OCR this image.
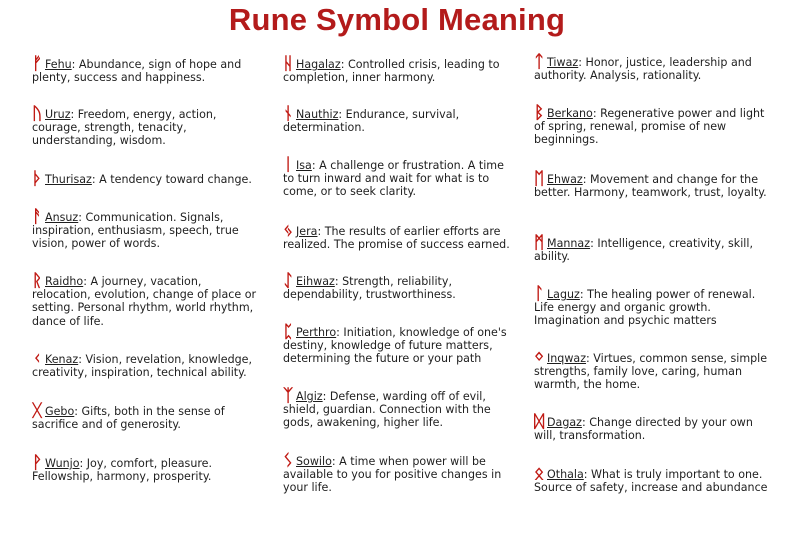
Rune Symbol Meaning
ᚠ Fehu: Abundance, sign of hope and plenty, success and happiness.
ᚢ Uruz: Freedom, energy, action, courage, strength, tenacity, understanding, wisdom.
ᚦ Thurisaz: A tendency toward change.
ᚨ Ansuz: Communication. Signals, inspiration, enthusiasm, speech, true vision, power of words.
ᚱ Raidho: A journey, vacation, relocation, evolution, change of place or setting. Personal rhythm, world rhythm, dance of life.
ᚲ Kenaz: Vision, revelation, knowledge, creativity, inspiration, technical ability.
ᚷ Gebo: Gifts, both in the sense of sacrifice and of generosity.
ᚹ Wunjo: Joy, comfort, pleasure. Fellowship, harmony, prosperity.
ᚺ Hagalaz: Controlled crisis, leading to completion, inner harmony.
ᚾ Nauthiz: Endurance, survival, determination.
ᛁ Isa: A challenge or frustration. A time to turn inward and wait for what is to come, or to seek clarity.
ᛃ Jera: The results of earlier efforts are realized. The promise of success earned.
ᛇ Eihwaz: Strength, reliability, dependability, trustworthiness.
ᛈ Perthro: Initiation, knowledge of one's destiny, knowledge of future matters, determining the future or your path
ᛉ Algiz: Defense, warding off of evil, shield, guardian. Connection with the gods, awakening, higher life.
ᛊ Sowilo: A time when power will be available to you for positive changes in your life.
ᛏ Tiwaz: Honor, justice, leadership and authority. Analysis, rationality.
ᛒ Berkano: Regenerative power and light of spring, renewal, promise of new beginnings.
ᛖ Ehwaz: Movement and change for the better. Harmony, teamwork, trust, loyalty.
ᛗ Mannaz: Intelligence, creativity, skill, ability.
ᛚ Laguz: The healing power of renewal. Life energy and organic growth. Imagination and psychic matters
ᛜ Inqwaz: Virtues, common sense, simple strengths, family love, caring, human warmth, the home.
ᛞ Dagaz: Change directed by your own will, transformation.
ᛟ Othala: What is truly important to one. Source of safety, increase and abundance
